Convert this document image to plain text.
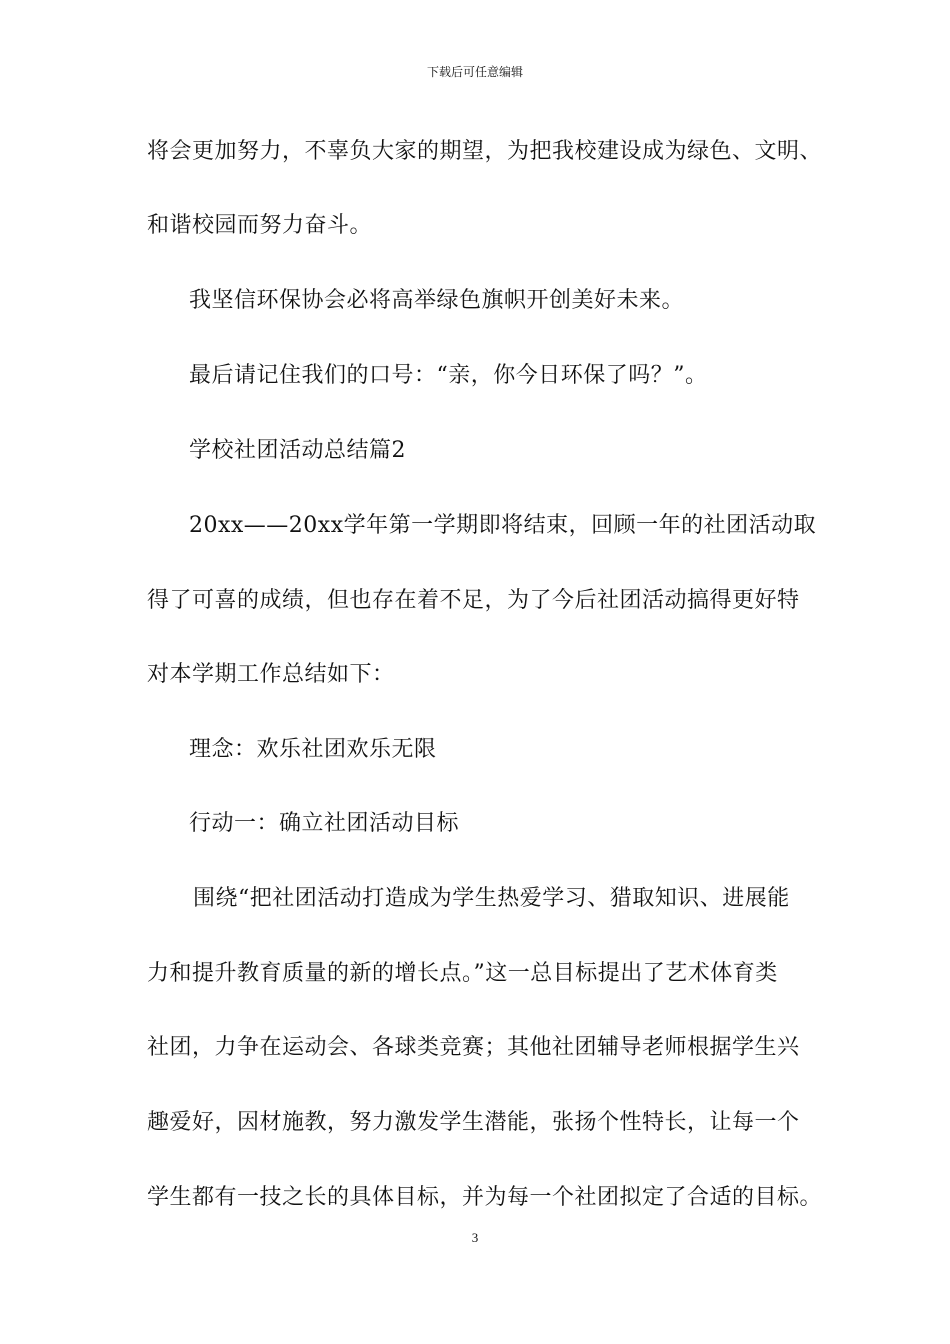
下载后可任意编辑
将会更加努力，不辜负大家的期望，为把我校建设成为绿色、文明、
和谐校园而努力奋斗。
我坚信环保协会必将高举绿色旗帜开创美好未来。
最后请记住我们的口号：“亲，你今日环保了吗？”。
学校社团活动总结篇2
20xx——20xx学年第一学期即将结束，回顾一年的社团活动取
得了可喜的成绩，但也存在着不足，为了今后社团活动搞得更好特
对本学期工作总结如下：
理念：欢乐社团欢乐无限
行动一：确立社团活动目标
围绕“把社团活动打造成为学生热爱学习、猎取知识、进展能
力和提升教育质量的新的增长点。”这一总目标提出了艺术体育类
社团，力争在运动会、各球类竞赛；其他社团辅导老师根据学生兴
趣爱好，因材施教，努力激发学生潜能，张扬个性特长，让每一个
学生都有一技之长的具体目标，并为每一个社团拟定了合适的目标。
3
